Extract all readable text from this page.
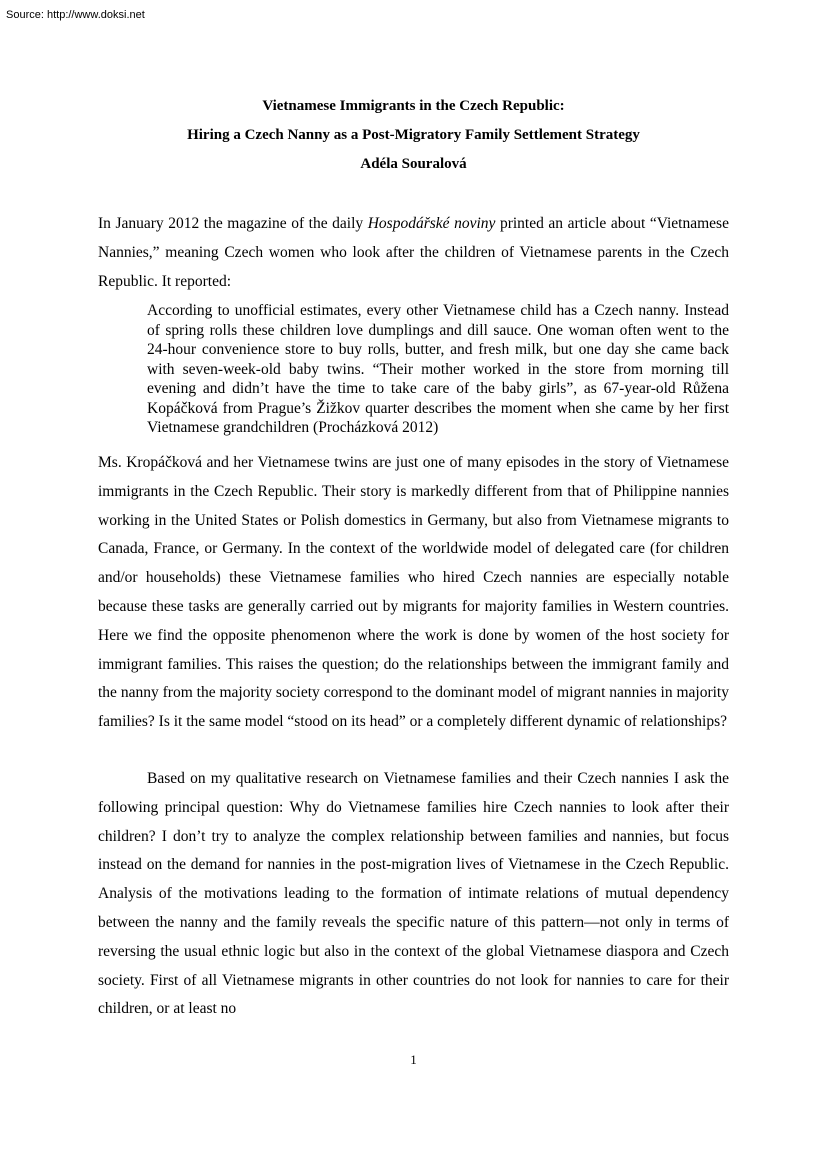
Source: http://www.doksi.net
Vietnamese Immigrants in the Czech Republic:
Hiring a Czech Nanny as a Post-Migratory Family Settlement Strategy
Adéla Souralová

In January 2012 the magazine of the daily Hospodářské noviny printed an article about “Vietnamese Nannies,” meaning Czech women who look after the children of Vietnamese parents in the Czech Republic. It reported:

According to unofficial estimates, every other Vietnamese child has a Czech nanny. Instead of spring rolls these children love dumplings and dill sauce. One woman often went to the 24-hour convenience store to buy rolls, butter, and fresh milk, but one day she came back with seven-week-old baby twins. “Their mother worked in the store from morning till evening and didn’t have the time to take care of the baby girls”, as 67-year-old Růžena Kopáčková from Prague’s Žižkov quarter describes the moment when she came by her first Vietnamese grandchildren (Procházková 2012)

Ms. Kropáčková and her Vietnamese twins are just one of many episodes in the story of Vietnamese immigrants in the Czech Republic. Their story is markedly different from that of Philippine nannies working in the United States or Polish domestics in Germany, but also from Vietnamese migrants to Canada, France, or Germany. In the context of the worldwide model of delegated care (for children and/or households) these Vietnamese families who hired Czech nannies are especially notable because these tasks are generally carried out by migrants for majority families in Western countries. Here we find the opposite phenomenon where the work is done by women of the host society for immigrant families. This raises the question; do the relationships between the immigrant family and the nanny from the majority society correspond to the dominant model of migrant nannies in majority families? Is it the same model “stood on its head” or a completely different dynamic of relationships?

Based on my qualitative research on Vietnamese families and their Czech nannies I ask the following principal question: Why do Vietnamese families hire Czech nannies to look after their children? I don’t try to analyze the complex relationship between families and nannies, but focus instead on the demand for nannies in the post-migration lives of Vietnamese in the Czech Republic. Analysis of the motivations leading to the formation of intimate relations of mutual dependency between the nanny and the family reveals the specific nature of this pattern—not only in terms of reversing the usual ethnic logic but also in the context of the global Vietnamese diaspora and Czech society. First of all Vietnamese migrants in other countries do not look for nannies to care for their children, or at least no

1
